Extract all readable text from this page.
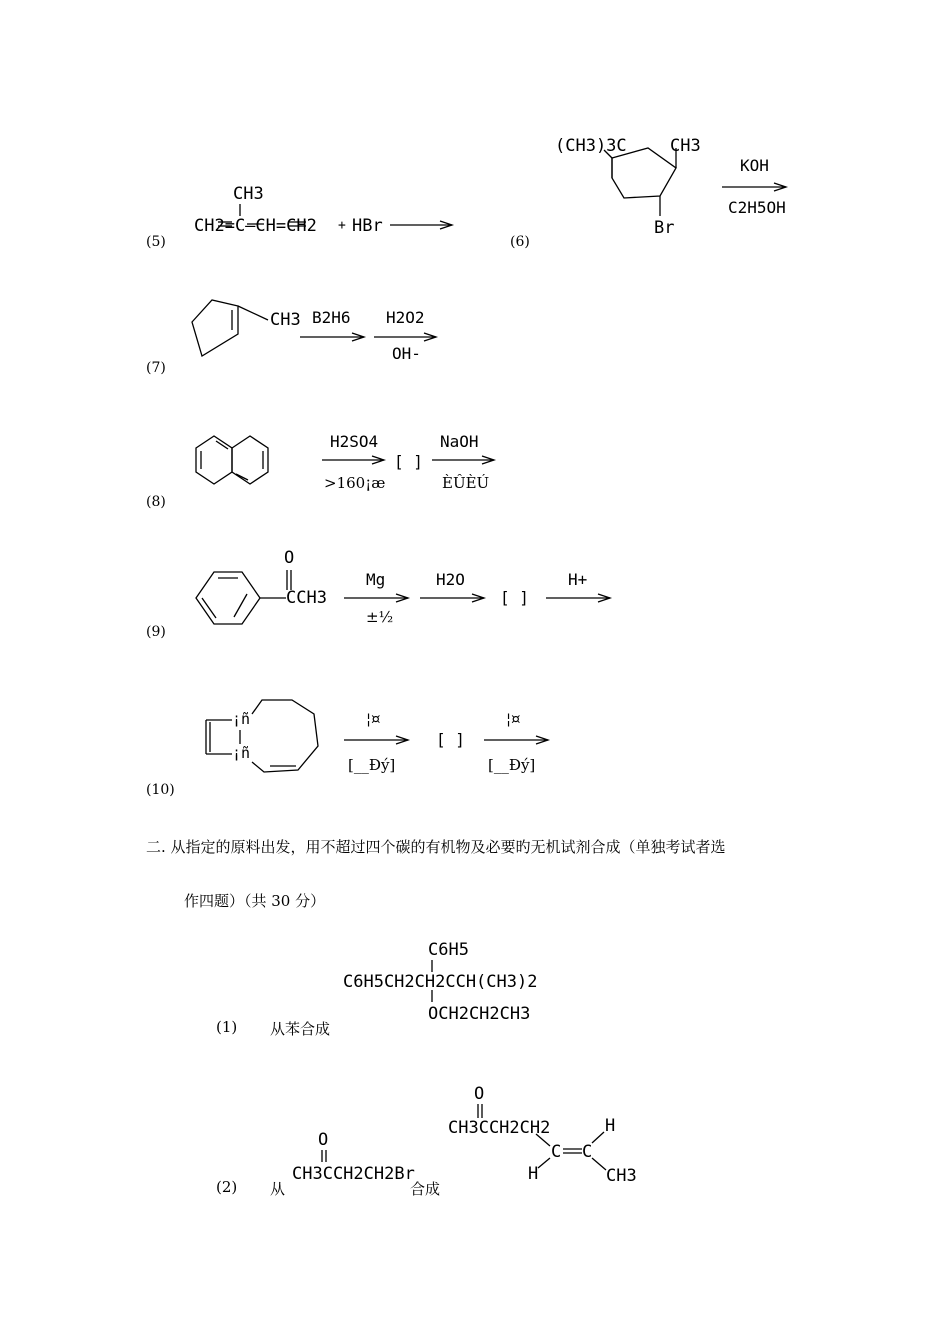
(5)
CH3
CH2=C—CH=CH2 + HBr
(6)
(CH3)3C	CH3
Br
KOH
C2H5OH
(7)
CH3 B2H6 H2O2
OH-
(8)
H2SO4
>160¡æ
[ ]
NaOH
ÈÛÈÚ
(9)
O
CCH3
Mg
±½
H2O
[ ]
H+
(10)
¡ñ
¡ñ
¦¤
[__Ðý]
[ ]
¦¤
[__Ðý]
二. 从指定的原料出发，用不超过四个碳的有机物及必要旳无机试剂合成（单独考试者选
作四题）（共 30 分）
C6H5
C6H5CH2CH2CCH(CH3)2
OCH2CH2CH3
(1) 从苯合成
(2) 从
O
CH3CCH2CH2Br
合成
O
CH3CCH2CH2
C C
H
H	CH3
